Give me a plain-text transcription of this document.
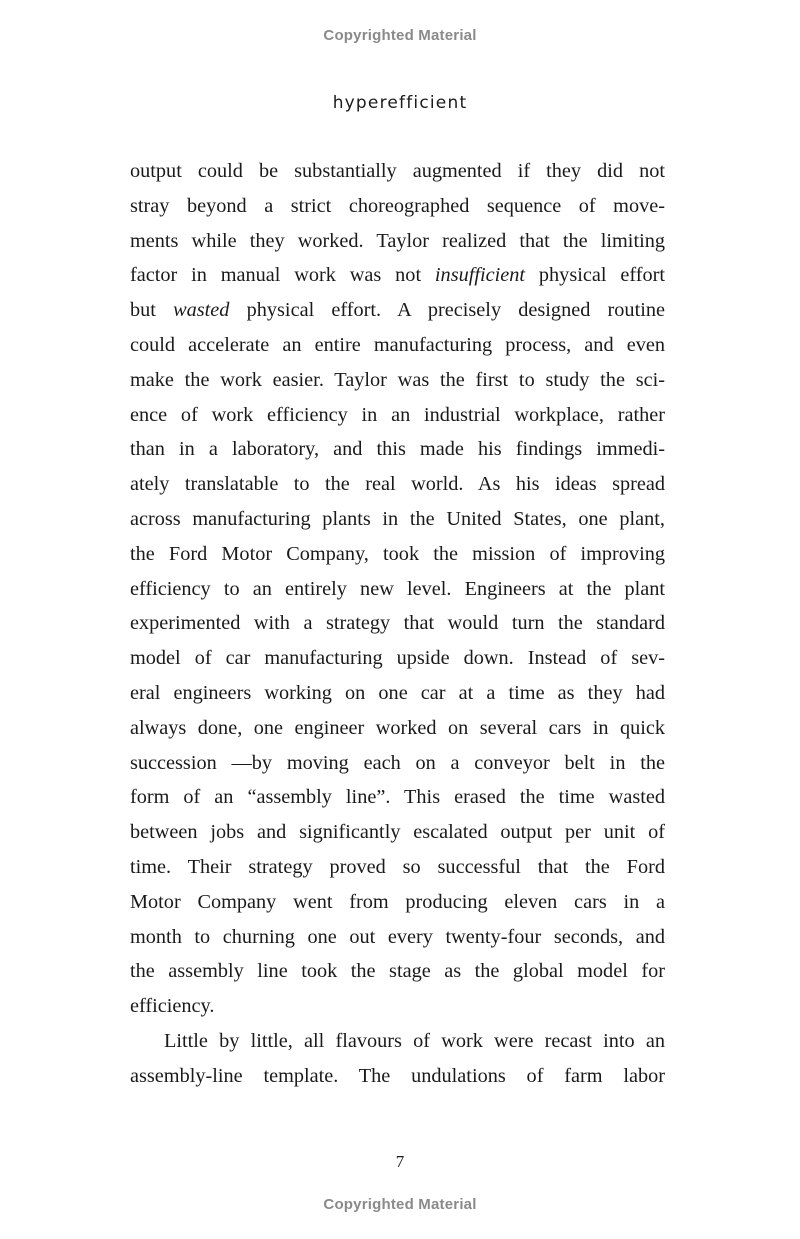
Copyrighted Material
hyperefficient
output could be substantially augmented if they did not
stray beyond a strict choreographed sequence of move-
ments while they worked. Taylor realized that the limiting
factor in manual work was not insufficient physical effort
but wasted physical effort. A precisely designed routine
could accelerate an entire manufacturing process, and even
make the work easier. Taylor was the first to study the sci-
ence of work efficiency in an industrial workplace, rather
than in a laboratory, and this made his findings immedi-
ately translatable to the real world. As his ideas spread
across manufacturing plants in the United States, one plant,
the Ford Motor Company, took the mission of improving
efficiency to an entirely new level. Engineers at the plant
experimented with a strategy that would turn the standard
model of car manufacturing upside down. Instead of sev-
eral engineers working on one car at a time as they had
always done, one engineer worked on several cars in quick
succession —by moving each on a conveyor belt in the
form of an “assembly line”. This erased the time wasted
between jobs and significantly escalated output per unit of
time. Their strategy proved so successful that the Ford
Motor Company went from producing eleven cars in a
month to churning one out every twenty-four seconds, and
the assembly line took the stage as the global model for
efficiency.
Little by little, all flavours of work were recast into an
assembly-line template. The undulations of farm labor
7
Copyrighted Material
